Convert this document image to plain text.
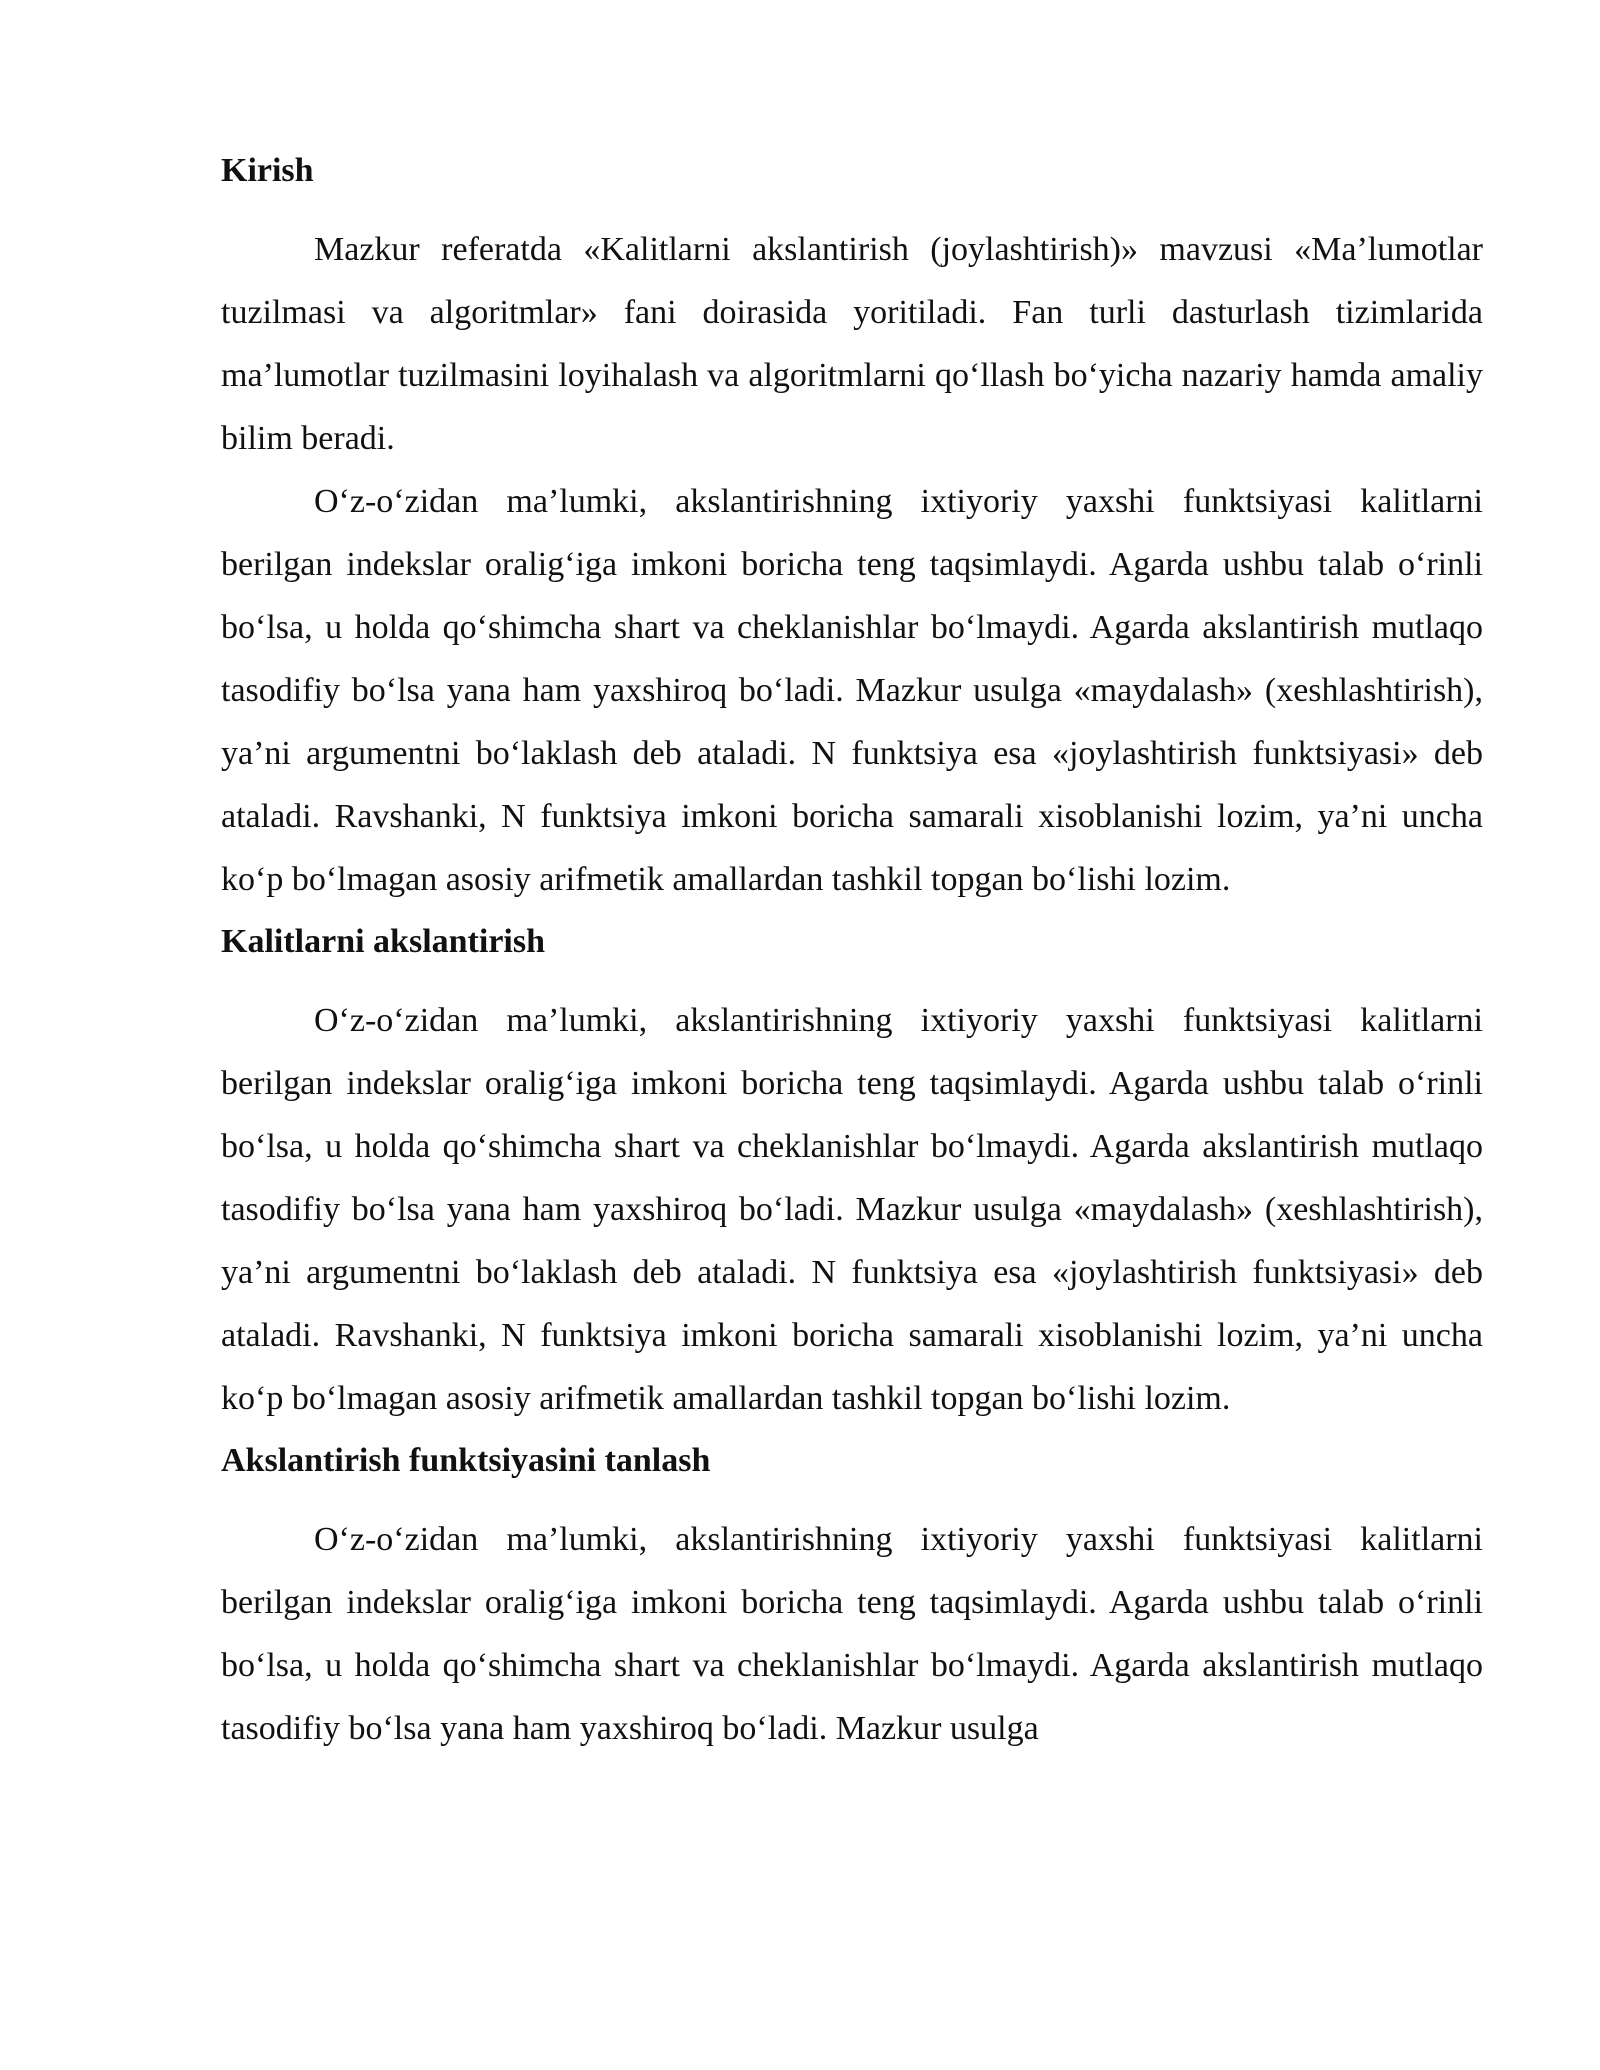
Kirish

Mazkur referatda «Kalitlarni akslantirish (joylashtirish)» mavzusi «Ma’lumotlar tuzilmasi va algoritmlar» fani doirasida yoritiladi. Fan turli dasturlash tizimlarida ma’lumotlar tuzilmasini loyihalash va algoritmlarni qo‘llash bo‘yicha nazariy hamda amaliy bilim beradi.

O‘z-o‘zidan ma’lumki, akslantirishning ixtiyoriy yaxshi funktsiyasi kalitlarni berilgan indekslar oralig‘iga imkoni boricha teng taqsimlaydi. Agarda ushbu talab o‘rinli bo‘lsa, u holda qo‘shimcha shart va cheklanishlar bo‘lmaydi. Agarda akslantirish mutlaqo tasodifiy bo‘lsa yana ham yaxshiroq bo‘ladi. Mazkur usulga «maydalash» (xeshlashtirish), ya’ni argumentni bo‘laklash deb ataladi. N funktsiya esa «joylashtirish funktsiyasi» deb ataladi. Ravshanki, N funktsiya imkoni boricha samarali xisoblanishi lozim, ya’ni uncha ko‘p bo‘lmagan asosiy arifmetik amallardan tashkil topgan bo‘lishi lozim.

Kalitlarni akslantirish

O‘z-o‘zidan ma’lumki, akslantirishning ixtiyoriy yaxshi funktsiyasi kalitlarni berilgan indekslar oralig‘iga imkoni boricha teng taqsimlaydi. Agarda ushbu talab o‘rinli bo‘lsa, u holda qo‘shimcha shart va cheklanishlar bo‘lmaydi. Agarda akslantirish mutlaqo tasodifiy bo‘lsa yana ham yaxshiroq bo‘ladi. Mazkur usulga «maydalash» (xeshlashtirish), ya’ni argumentni bo‘laklash deb ataladi. N funktsiya esa «joylashtirish funktsiyasi» deb ataladi. Ravshanki, N funktsiya imkoni boricha samarali xisoblanishi lozim, ya’ni uncha ko‘p bo‘lmagan asosiy arifmetik amallardan tashkil topgan bo‘lishi lozim.

Akslantirish funktsiyasini tanlash

O‘z-o‘zidan ma’lumki, akslantirishning ixtiyoriy yaxshi funktsiyasi kalitlarni berilgan indekslar oralig‘iga imkoni boricha teng taqsimlaydi. Agarda ushbu talab o‘rinli bo‘lsa, u holda qo‘shimcha shart va cheklanishlar bo‘lmaydi. Agarda akslantirish mutlaqo tasodifiy bo‘lsa yana ham yaxshiroq bo‘ladi. Mazkur usulga
